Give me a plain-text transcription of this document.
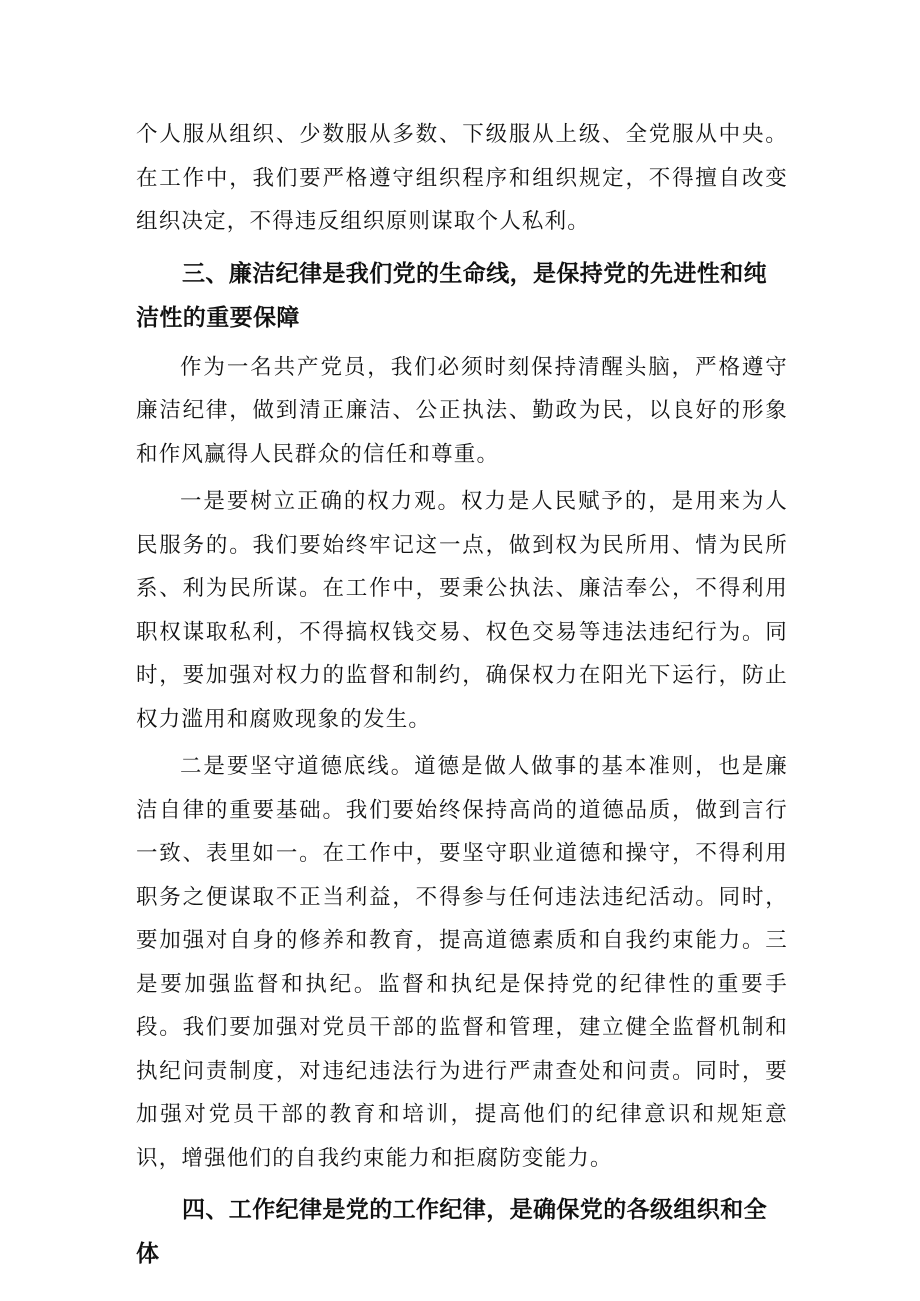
个人服从组织、少数服从多数、下级服从上级、全党服从中央。在工作中，我们要严格遵守组织程序和组织规定，不得擅自改变组织决定，不得违反组织原则谋取个人私利。

三、廉洁纪律是我们党的生命线，是保持党的先进性和纯洁性的重要保障

作为一名共产党员，我们必须时刻保持清醒头脑，严格遵守廉洁纪律，做到清正廉洁、公正执法、勤政为民，以良好的形象和作风赢得人民群众的信任和尊重。

一是要树立正确的权力观。权力是人民赋予的，是用来为人民服务的。我们要始终牢记这一点，做到权为民所用、情为民所系、利为民所谋。在工作中，要秉公执法、廉洁奉公，不得利用职权谋取私利，不得搞权钱交易、权色交易等违法违纪行为。同时，要加强对权力的监督和制约，确保权力在阳光下运行，防止权力滥用和腐败现象的发生。

二是要坚守道德底线。道德是做人做事的基本准则，也是廉洁自律的重要基础。我们要始终保持高尚的道德品质，做到言行一致、表里如一。在工作中，要坚守职业道德和操守，不得利用职务之便谋取不正当利益，不得参与任何违法违纪活动。同时，要加强对自身的修养和教育，提高道德素质和自我约束能力。三是要加强监督和执纪。监督和执纪是保持党的纪律性的重要手段。我们要加强对党员干部的监督和管理，建立健全监督机制和执纪问责制度，对违纪违法行为进行严肃查处和问责。同时，要加强对党员干部的教育和培训，提高他们的纪律意识和规矩意识，增强他们的自我约束能力和拒腐防变能力。

四、工作纪律是党的工作纪律，是确保党的各级组织和全体
